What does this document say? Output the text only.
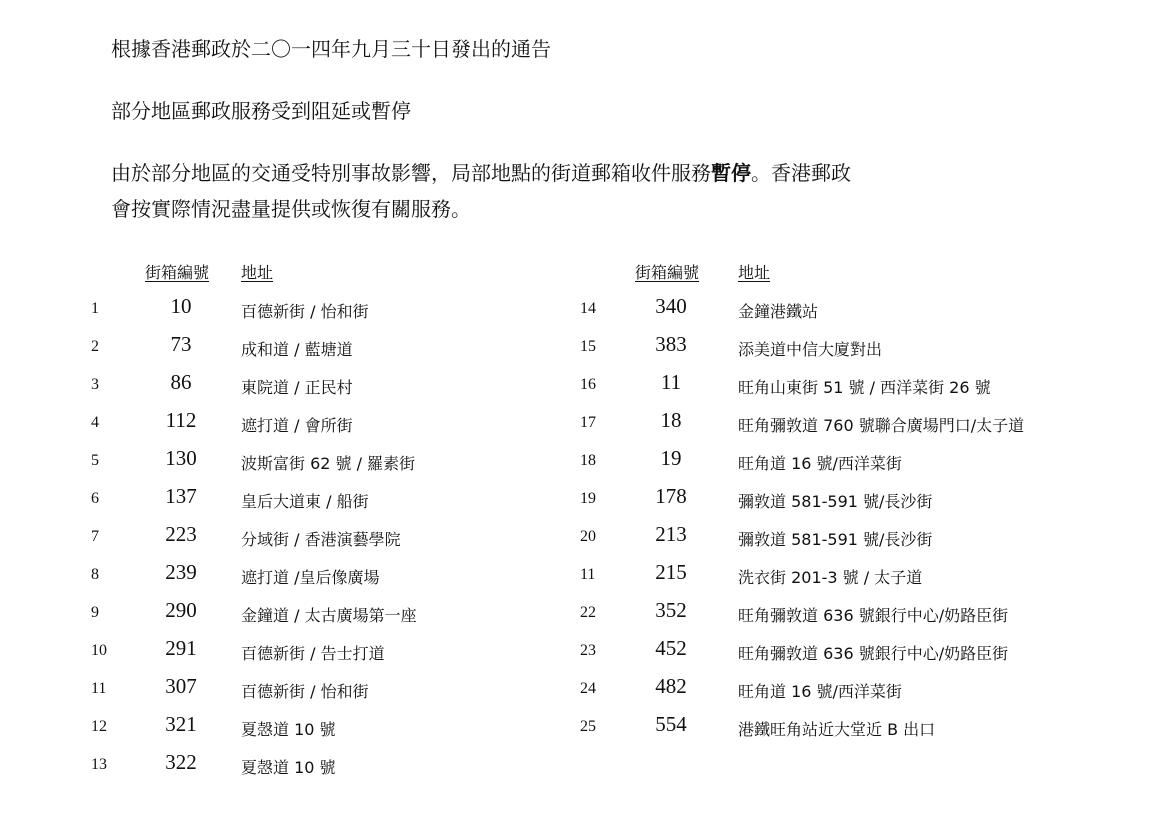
根據香港郵政於二〇一四年九月三十日發出的通告
部分地區郵政服務受到阻延或暫停
由於部分地區的交通受特別事故影響，局部地點的街道郵箱收件服務暫停。香港郵政
會按實際情況盡量提供或恢復有關服務。
街箱編號 地址	街箱編號 地址
1	10	百德新街 / 怡和街
2	73	成和道 / 藍塘道
3	86	東院道 / 正民村
4	112	遮打道 / 會所街
5	130	波斯富街 62 號 / 羅素街
6	137	皇后大道東 / 船街
7	223	分域街 / 香港演藝學院
8	239	遮打道 /皇后像廣場
9	290	金鐘道 / 太古廣場第一座
10	291	百德新街 / 告士打道
11	307	百德新街 / 怡和街
12	321	夏愨道 10 號
13	322	夏愨道 10 號
14	340	金鐘港鐵站
15	383	添美道中信大廈對出
16	11	旺角山東街 51 號 / 西洋菜街 26 號
17	18	旺角彌敦道 760 號聯合廣場門口/太子道
18	19	旺角道 16 號/西洋菜街
19	178	彌敦道 581-591 號/長沙街
20	213	彌敦道 581-591 號/長沙街
11	215	洗衣街 201-3 號 / 太子道
22	352	旺角彌敦道 636 號銀行中心/奶路臣街
23	452	旺角彌敦道 636 號銀行中心/奶路臣街
24	482	旺角道 16 號/西洋菜街
25	554	港鐵旺角站近大堂近 B 出口
